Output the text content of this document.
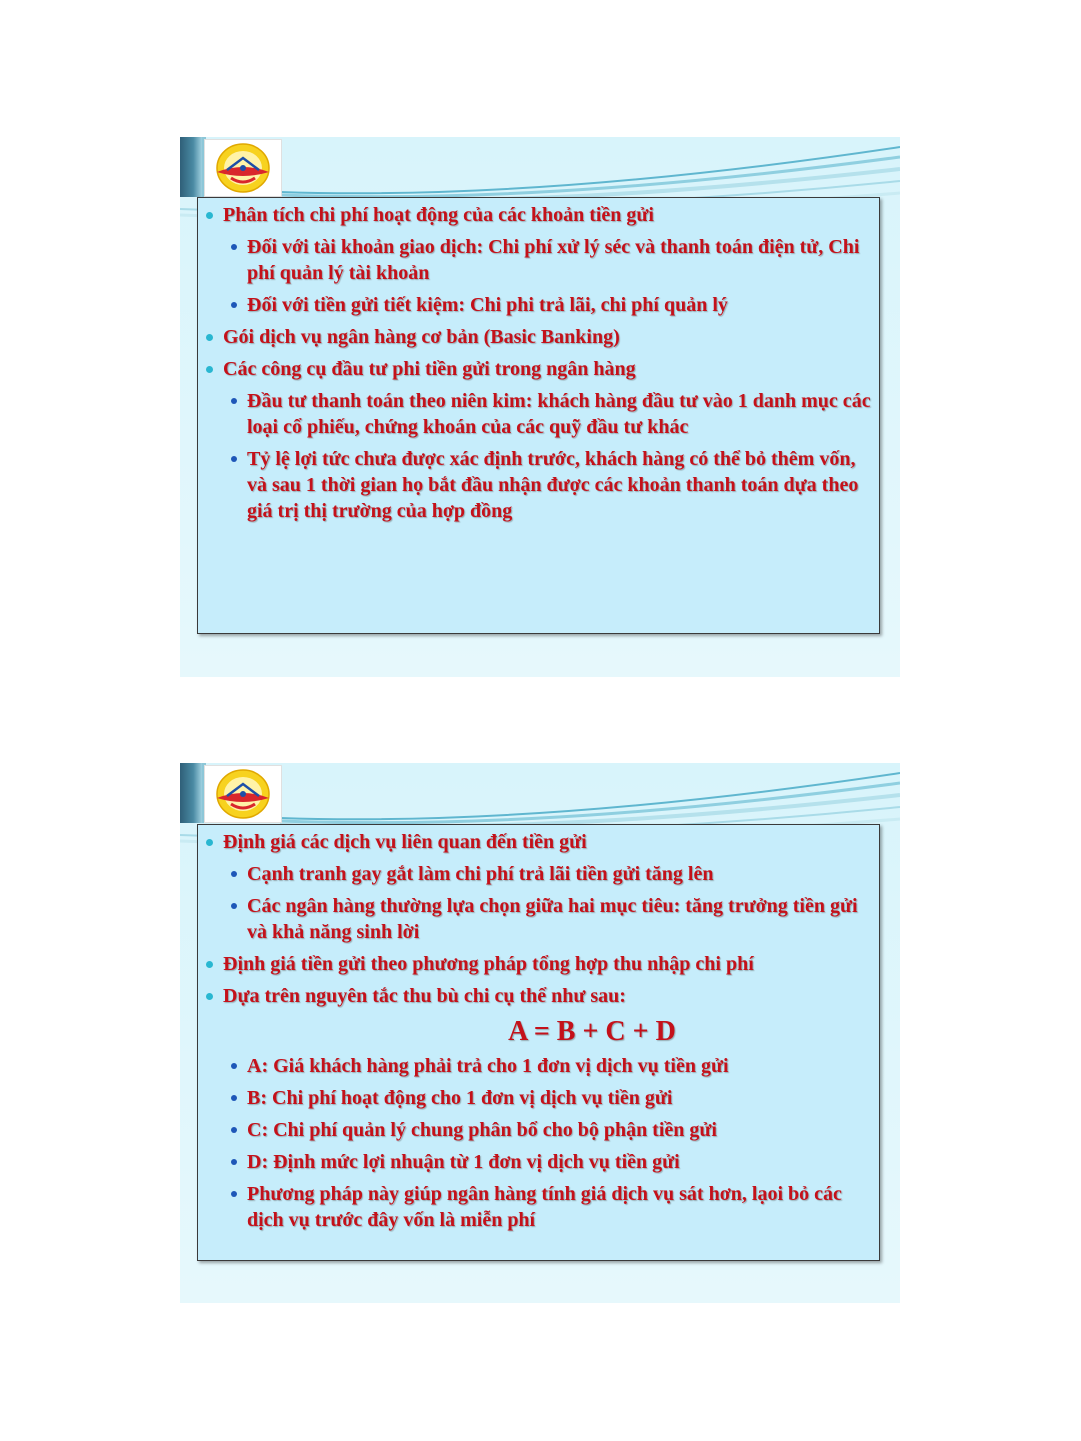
Phân tích chi phí hoạt động của các khoản tiền gửi
Đối với tài khoản giao dịch: Chi phí xử lý séc và thanh toán điện tử, Chi phí quản lý tài khoản
Đối với tiền gửi tiết kiệm: Chi phi trả lãi, chi phí quản lý
Gói dịch vụ ngân hàng cơ bản (Basic Banking)
Các công cụ đầu tư phi tiền gửi trong ngân hàng
Đầu tư thanh toán theo niên kim: khách hàng đầu tư vào 1 danh mục các loại cổ phiếu, chứng khoán của các quỹ đầu tư khác
Tỷ lệ lợi tức chưa được xác định trước, khách hàng có thể bỏ thêm vốn, và sau 1 thời gian họ bắt đầu nhận được các khoản thanh toán dựa theo giá trị thị trường của hợp đồng
Định giá các dịch vụ liên quan đến tiền gửi
Cạnh tranh gay gắt làm chi phí trả lãi tiền gửi tăng lên
Các ngân hàng thường lựa chọn giữa hai mục tiêu: tăng trưởng tiền gửi và khả năng sinh lời
Định giá tiền gửi theo phương pháp tổng hợp thu nhập chi phí
Dựa trên nguyên tắc thu bù chi cụ thể như sau:
A = B + C + D
A: Giá khách hàng phải trả cho 1 đơn vị dịch vụ tiền gửi
B: Chi phí hoạt động cho 1 đơn vị dịch vụ tiền gửi
C: Chi phí quản lý chung phân bổ cho bộ phận tiền gửi
D: Định mức lợi nhuận từ 1 đơn vị dịch vụ tiền gửi
Phương pháp này giúp ngân hàng tính giá dịch vụ sát hơn, lạoi bỏ các dịch vụ trước đây vốn là miễn phí
